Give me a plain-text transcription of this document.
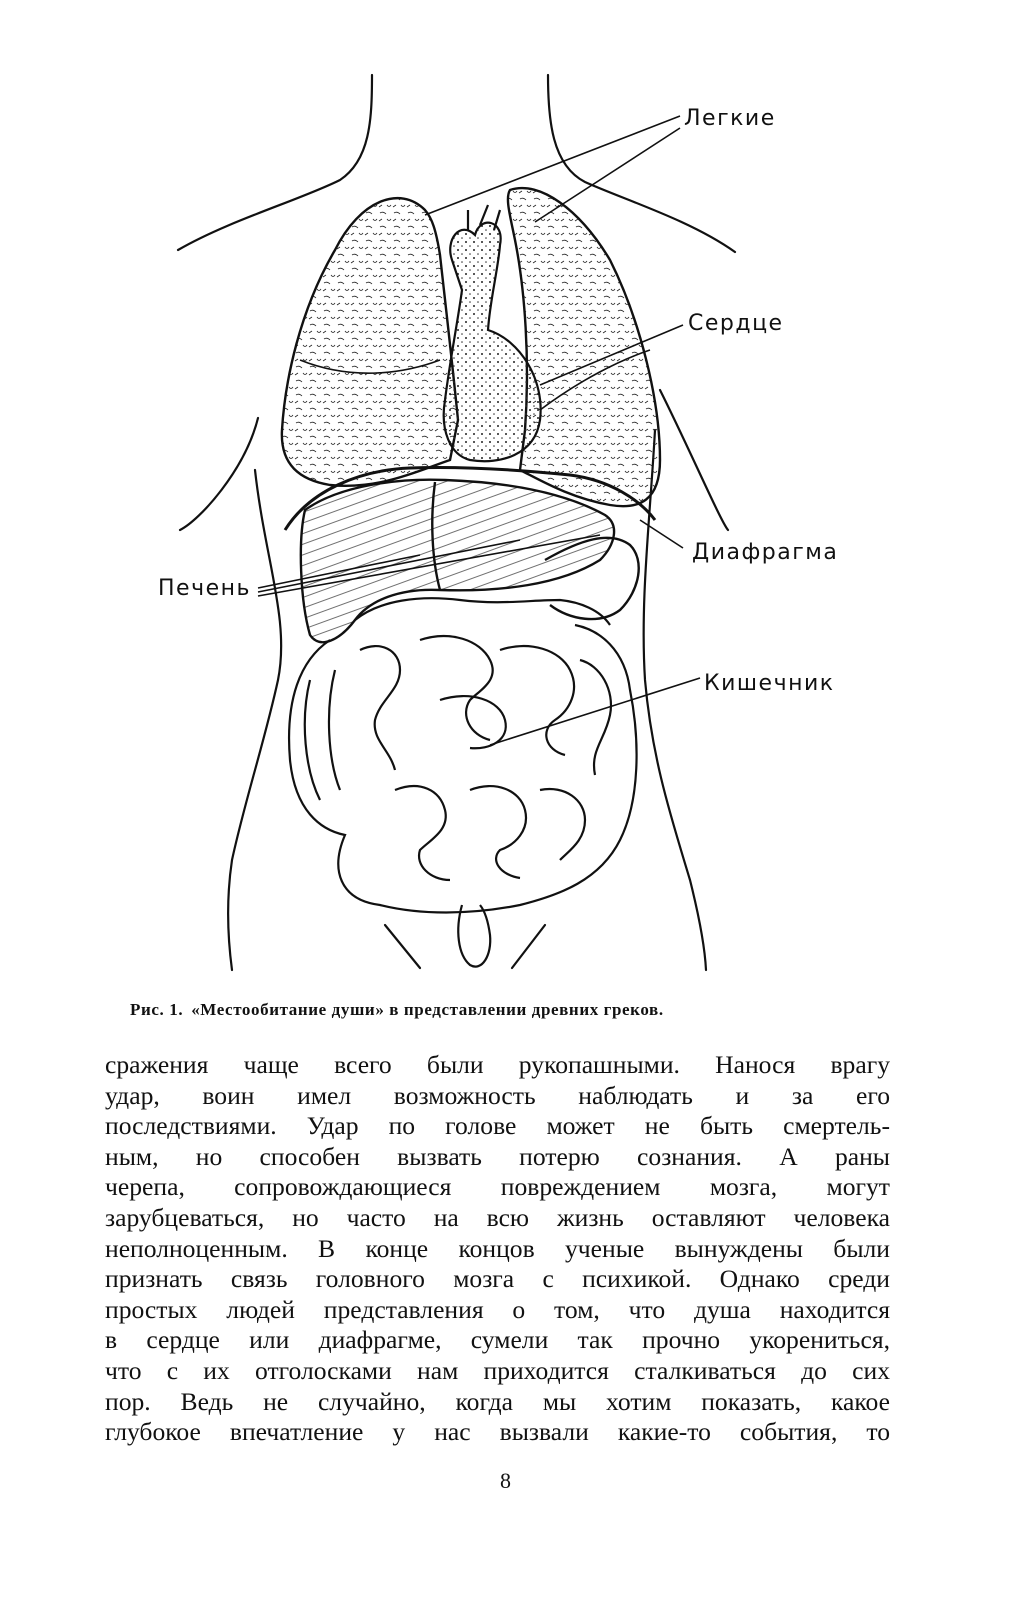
Легкие
Сердце
Диафрагма
Печень
Кишечник
Рис. 1. «Местообитание души» в представлении древних греков.
сражения чаще всего были рукопашными. Нанося врагу
удар, воин имел возможность наблюдать и за его
последствиями. Удар по голове может не быть смертель-
ным, но способен вызвать потерю сознания. А раны
черепа, сопровождающиеся повреждением мозга, могут
зарубцеваться, но часто на всю жизнь оставляют человека
неполноценным. В конце концов ученые вынуждены были
признать связь головного мозга с психикой. Однако среди
простых людей представления о том, что душа находится
в сердце или диафрагме, сумели так прочно укорениться,
что с их отголосками нам приходится сталкиваться до сих
пор. Ведь не случайно, когда мы хотим показать, какое
глубокое впечатление у нас вызвали какие-то события, то
8
